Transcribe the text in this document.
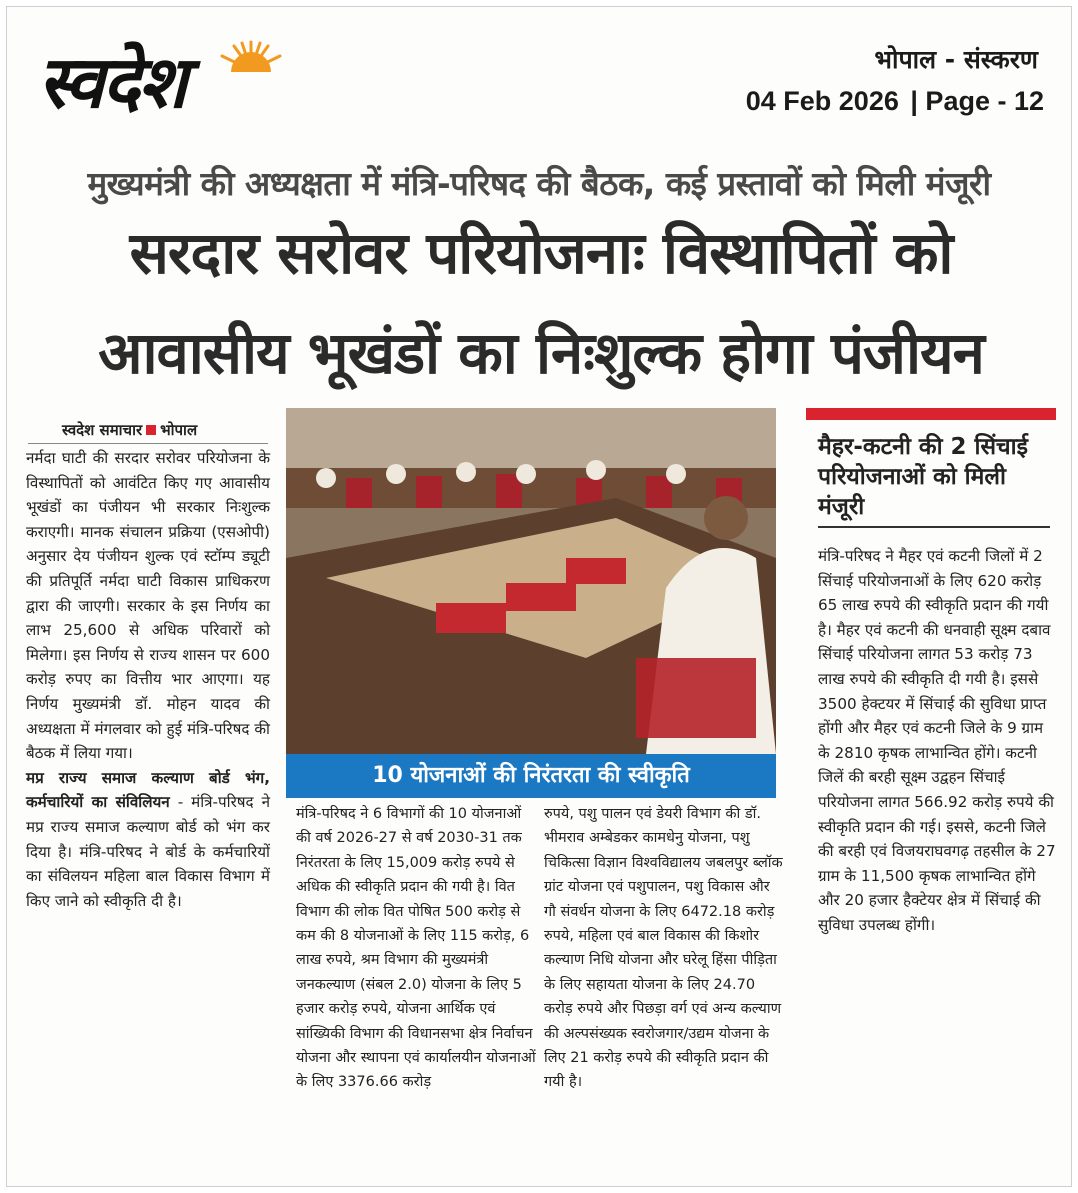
स्वदेश	भोपाल - संस्करण
04 Feb 2026 | Page - 12
मुख्यमंत्री की अध्यक्षता में मंत्रि-परिषद की बैठक, कई प्रस्तावों को मिली मंजूरी
सरदार सरोवर परियोजनाः विस्थापितों को
आवासीय भूखंडों का निःशुल्क होगा पंजीयन
स्वदेश समाचार भोपाल

नर्मदा घाटी की सरदार सरोवर परियोजना के विस्थापितों को आवंटित किए गए आवासीय भूखंडों का पंजीयन भी सरकार निःशुल्क कराएगी। मानक संचालन प्रक्रिया (एसओपी) अनुसार देय पंजीयन शुल्क एवं स्टॉम्प ड्यूटी की प्रतिपूर्ति नर्मदा घाटी विकास प्राधिकरण द्वारा की जाएगी। सरकार के इस निर्णय का लाभ 25,600 से अधिक परिवारों को मिलेगा। इस निर्णय से राज्य शासन पर 600 करोड़ रुपए का वित्तीय भार आएगा। यह निर्णय मुख्यमंत्री डॉ. मोहन यादव की अध्यक्षता में मंगलवार को हुई मंत्रि-परिषद की बैठक में लिया गया।

मप्र राज्य समाज कल्याण बोर्ड भंग, कर्मचारियों का संविलियन - मंत्रि-परिषद ने मप्र राज्य समाज कल्याण बोर्ड को भंग कर दिया है। मंत्रि-परिषद ने बोर्ड के कर्मचारियों का संविलयन महिला बाल विकास विभाग में किए जाने को स्वीकृति दी है।

10 योजनाओं की निरंतरता की स्वीकृति
मंत्रि-परिषद ने 6 विभागों की 10 योजनाओं की वर्ष 2026-27 से वर्ष 2030-31 तक निरंतरता के लिए 15,009 करोड़ रुपये से अधिक की स्वीकृति प्रदान की गयी है। वित विभाग की लोक वित पोषित 500 करोड़ से कम की 8 योजनाओं के लिए 115 करोड़, 6 लाख रुपये, श्रम विभाग की मुख्यमंत्री जनकल्याण (संबल 2.0) योजना के लिए 5 हजार करोड़ रुपये, योजना आर्थिक एवं सांख्यिकी विभाग की विधानसभा क्षेत्र निर्वाचन योजना और स्थापना एवं कार्यालयीन योजनाओं के लिए 3376.66 करोड़
रुपये, पशु पालन एवं डेयरी विभाग की डॉ. भीमराव अम्बेडकर कामधेनु योजना, पशु चिकित्सा विज्ञान विश्वविद्यालय जबलपुर ब्लॉक ग्रांट योजना एवं पशुपालन, पशु विकास और गौ संवर्धन योजना के लिए 6472.18 करोड़ रुपये, महिला एवं बाल विकास की किशोर कल्याण निधि योजना और घरेलू हिंसा पीड़िता के लिए सहायता योजना के लिए 24.70 करोड़ रुपये और पिछड़ा वर्ग एवं अन्य कल्याण की अल्पसंख्यक स्वरोजगार/उद्यम योजना के लिए 21 करोड़ रुपये की स्वीकृति प्रदान की गयी है।
मैहर-कटनी की 2 सिंचाई परियोजनाओं को मिली मंजूरी
मंत्रि-परिषद ने मैहर एवं कटनी जिलों में 2 सिंचाई परियोजनाओं के लिए 620 करोड़ 65 लाख रुपये की स्वीकृति प्रदान की गयी है। मैहर एवं कटनी की धनवाही सूक्ष्म दबाव सिंचाई परियोजना लागत 53 करोड़ 73 लाख रुपये की स्वीकृति दी गयी है। इससे 3500 हेक्टयर में सिंचाई की सुविधा प्राप्त होंगी और मैहर एवं कटनी जिले के 9 ग्राम के 2810 कृषक लाभान्वित होंगे। कटनी जिलें की बरही सूक्ष्म उद्वहन सिंचाई परियोजना लागत 566.92 करोड़ रुपये की स्वीकृति प्रदान की गई। इससे, कटनी जिले की बरही एवं विजयराघवगढ़ तहसील के 27 ग्राम के 11,500 कृषक लाभान्वित होंगे और 20 हजार हैक्टेयर क्षेत्र में सिंचाई की सुविधा उपलब्ध होंगी।
